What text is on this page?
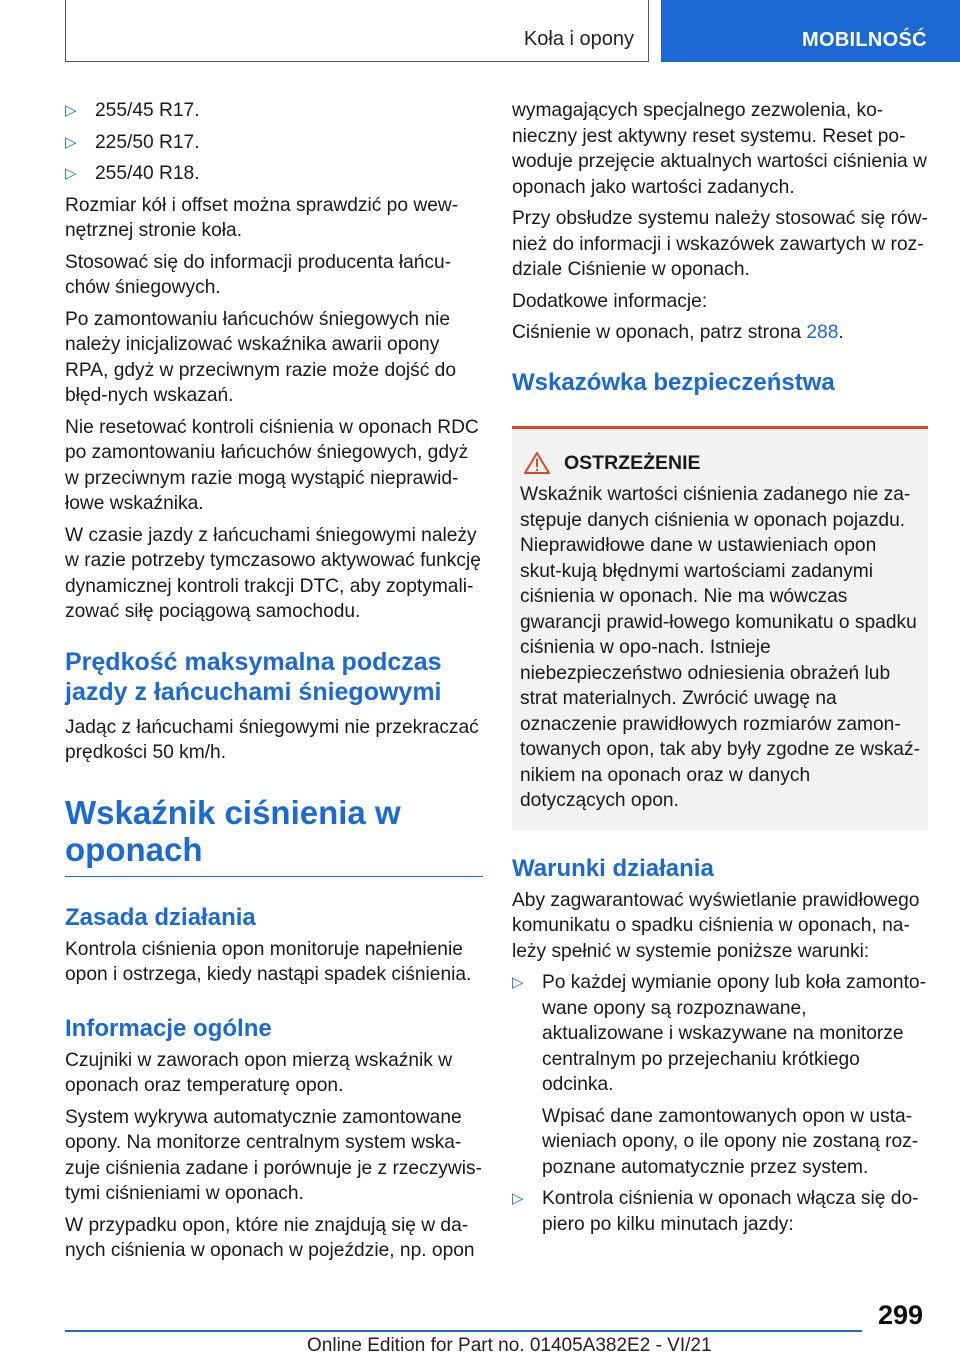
Koła i opony	MOBILNOŚĆ
▷ 255/45 R17.
▷ 225/50 R17.
▷ 255/40 R18.

Rozmiar kół i offset można sprawdzić po wew‐nętrznej stronie koła.

Stosować się do informacji producenta łańcu‐chów śniegowych.

Po zamontowaniu łańcuchów śniegowych nie należy inicjalizować wskaźnika awarii opony RPA, gdyż w przeciwnym razie może dojść do błęd‐nych wskazań.

Nie resetować kontroli ciśnienia w oponach RDC po zamontowaniu łańcuchów śniegowych, gdyż w przeciwnym razie mogą wystąpić nieprawid‐łowe wskaźnika.

W czasie jazdy z łańcuchami śniegowymi należy w razie potrzeby tymczasowo aktywować funkcję dynamicznej kontroli trakcji DTC, aby zoptymali‐zować siłę pociągową samochodu.

Prędkość maksymalna podczas jazdy z łańcuchami śniegowymi

Jadąc z łańcuchami śniegowymi nie przekraczać prędkości 50 km/h.

Wskaźnik ciśnienia w oponach
Zasada działania

Kontrola ciśnienia opon monitoruje napełnienie opon i ostrzega, kiedy nastąpi spadek ciśnienia.

Informacje ogólne

Czujniki w zaworach opon mierzą wskaźnik w oponach oraz temperaturę opon.

System wykrywa automatycznie zamontowane opony. Na monitorze centralnym system wska‐zuje ciśnienia zadane i porównuje je z rzeczywis‐tymi ciśnieniami w oponach.

W przypadku opon, które nie znajdują się w da‐nych ciśnienia w oponach w pojeździe, np. opon

wymagających specjalnego zezwolenia, ko‐nieczny jest aktywny reset systemu. Reset po‐woduje przejęcie aktualnych wartości ciśnienia w oponach jako wartości zadanych.

Przy obsłudze systemu należy stosować się rów‐nież do informacji i wskazówek zawartych w roz‐dziale Ciśnienie w oponach.

Dodatkowe informacje:

Ciśnienie w oponach, patrz strona 288.

Wskazówka bezpieczeństwa
OSTRZEŻENIE

Wskaźnik wartości ciśnienia zadanego nie za‐stępuje danych ciśnienia w oponach pojazdu. Nieprawidłowe dane w ustawieniach opon skut‐kują błędnymi wartościami zadanymi ciśnienia w oponach. Nie ma wówczas gwarancji prawid‐łowego komunikatu o spadku ciśnienia w opo‐nach. Istnieje niebezpieczeństwo odniesienia obrażeń lub strat materialnych. Zwrócić uwagę na oznaczenie prawidłowych rozmiarów zamon‐towanych opon, tak aby były zgodne ze wskaź‐nikiem na oponach oraz w danych dotyczących opon.

Warunki działania

Aby zagwarantować wyświetlanie prawidłowego komunikatu o spadku ciśnienia w oponach, na‐leży spełnić w systemie poniższe warunki:

▷ Po każdej wymianie opony lub koła zamonto‐wane opony są rozpoznawane, aktualizowane i wskazywane na monitorze centralnym po przejechaniu krótkiego odcinka.

Wpisać dane zamontowanych opon w usta‐wieniach opony, o ile opony nie zostaną roz‐poznane automatycznie przez system.

▷ Kontrola ciśnienia w oponach włącza się do‐piero po kilku minutach jazdy:
299
Online Edition for Part no. 01405A382E2 - VI/21
